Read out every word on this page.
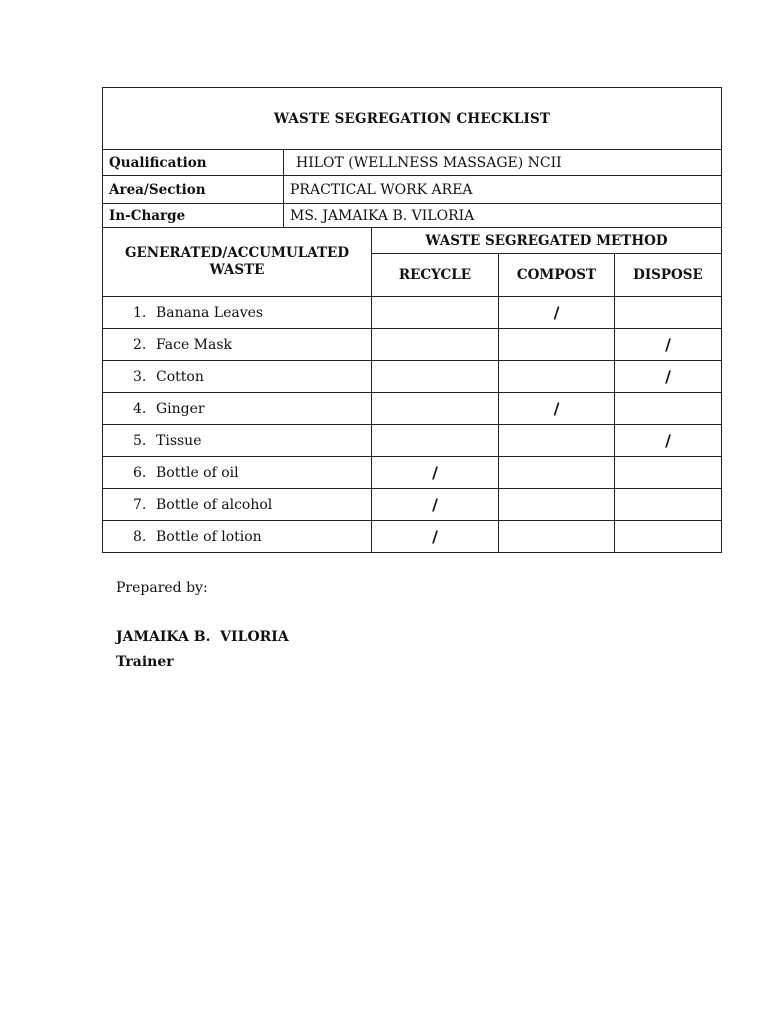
WASTE SEGREGATION CHECKLIST				
Qualification	HILOT (WELLNESS MASSAGE) NCII			
Area/Section	PRACTICAL WORK AREA			
In-Charge	MS. JAMAIKA B. VILORIA			
GENERATED/ACCUMULATED WASTE		WASTE SEGREGATED METHOD		
		RECYCLE	COMPOST	DISPOSE
1. Banana Leaves			/	
2. Face Mask				/
3. Cotton				/
4. Ginger			/	
5. Tissue				/
6. Bottle of oil		/		
7. Bottle of alcohol		/		
8. Bottle of lotion		/		
Prepared by:
JAMAIKA B.  VILORIA
Trainer
